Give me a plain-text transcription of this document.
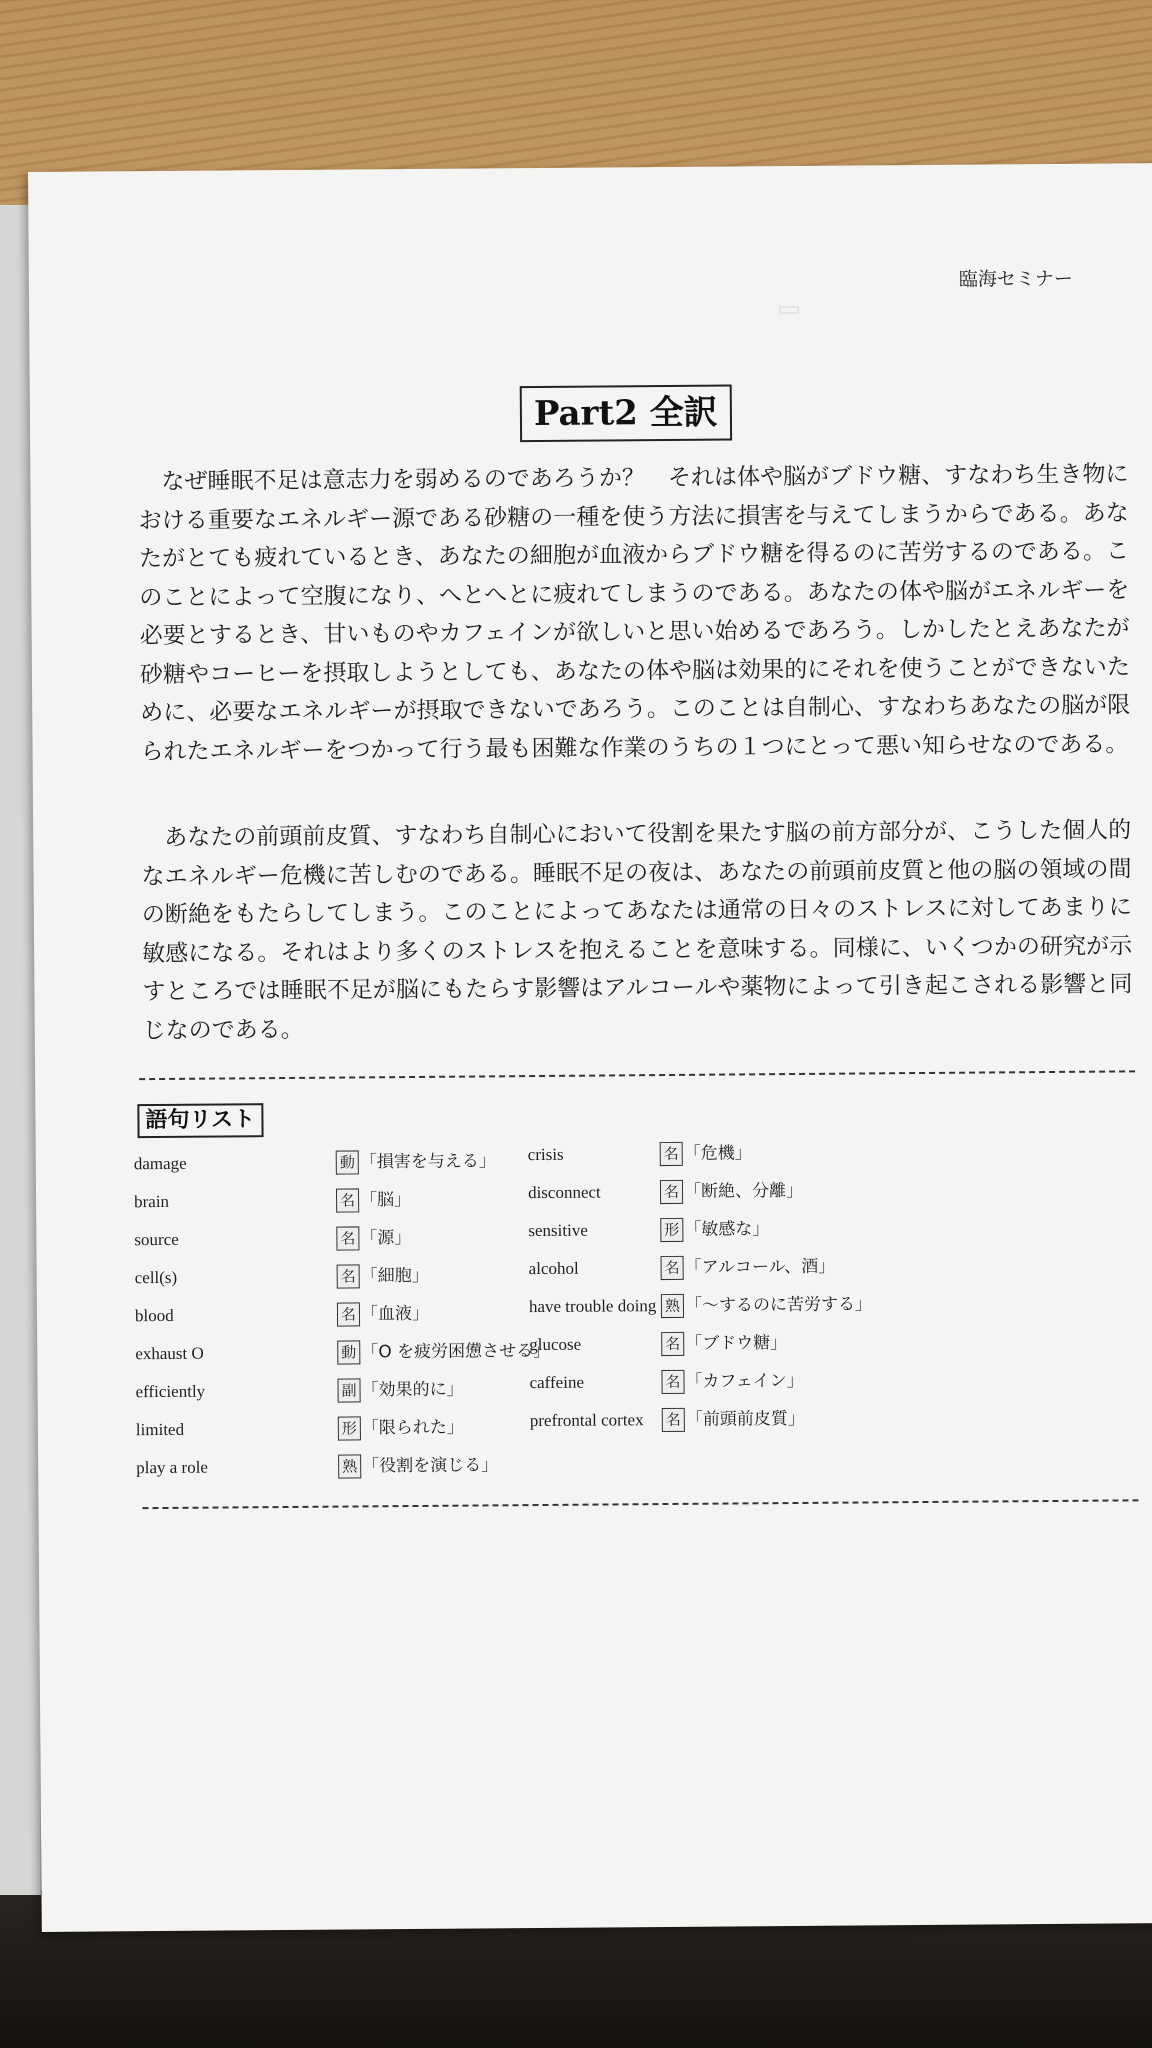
臨海セミナー
Part2 全訳

なぜ睡眠不足は意志力を弱めるのであろうか？　それは体や脳がブドウ糖、すなわち生き物における重要なエネルギー源である砂糖の一種を使う方法に損害を与えてしまうからである。あなたがとても疲れているとき、あなたの細胞が血液からブドウ糖を得るのに苦労するのである。このことによって空腹になり、へとへとに疲れてしまうのである。あなたの体や脳がエネルギーを必要とするとき、甘いものやカフェインが欲しいと思い始めるであろう。しかしたとえあなたが砂糖やコーヒーを摂取しようとしても、あなたの体や脳は効果的にそれを使うことができないために、必要なエネルギーが摂取できないであろう。このことは自制心、すなわちあなたの脳が限られたエネルギーをつかって行う最も困難な作業のうちの１つにとって悪い知らせなのである。

あなたの前頭前皮質、すなわち自制心において役割を果たす脳の前方部分が、こうした個人的なエネルギー危機に苦しむのである。睡眠不足の夜は、あなたの前頭前皮質と他の脳の領域の間の断絶をもたらしてしまう。このことによってあなたは通常の日々のストレスに対してあまりに敏感になる。それはより多くのストレスを抱えることを意味する。同様に、いくつかの研究が示すところでは睡眠不足が脳にもたらす影響はアルコールや薬物によって引き起こされる影響と同じなのである。

語句リスト
damage	動 「損害を与える」
brain	名 「脳」
source	名 「源」
cell(s)	名 「細胞」
blood	名 「血液」
exhaust O	動 「O を疲労困憊させる」
efficiently	副 「効果的に」
limited	形 「限られた」
play a role	熟 「役割を演じる」
crisis	名 「危機」
disconnect	名 「断絶、分離」
sensitive	形 「敏感な」
alcohol	名 「アルコール、酒」
have trouble doing 熟 「～するのに苦労する」
glucose	名 「ブドウ糖」
caffeine	名 「カフェイン」
prefrontal cortex 名 「前頭前皮質」
